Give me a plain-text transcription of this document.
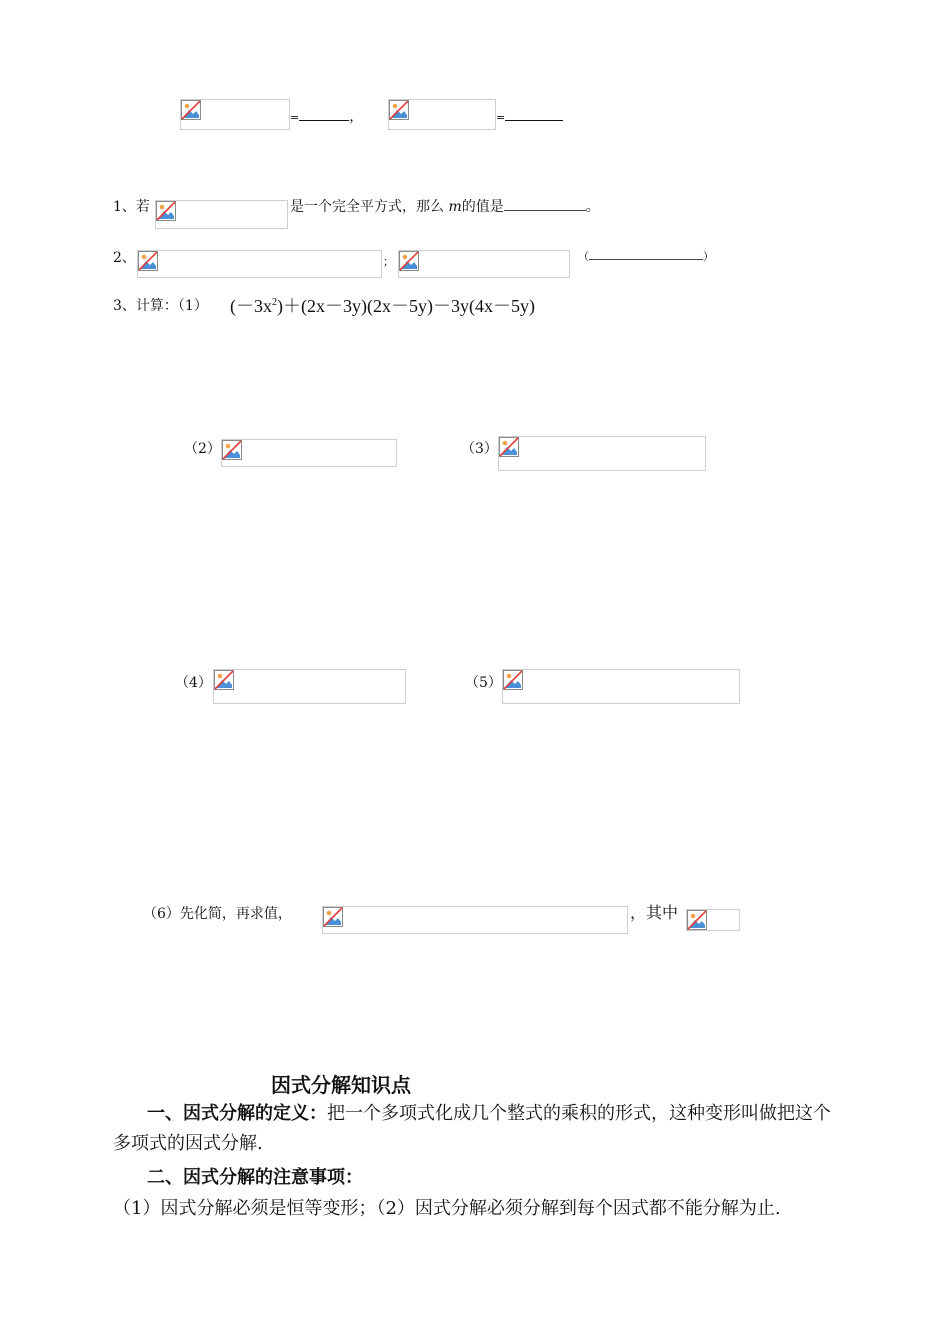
=	，	=
1、若	是一个完全平方式，那么 m的值是	。
2、	；	（	）
3、计算：（1） $(-3x^2)+(2x-3y)(2x-5y)-3y(4x-5y)$
（2）	（3）
（4）	（5）
（6）先化简，再求值，	，其中
因式分解知识点
一、因式分解的定义：把一个多项式化成几个整式的乘积的形式，这种变形叫做把这个多项式的因式分解.
二、因式分解的注意事项：
（1）因式分解必须是恒等变形；（2）因式分解必须分解到每个因式都不能分解为止.
